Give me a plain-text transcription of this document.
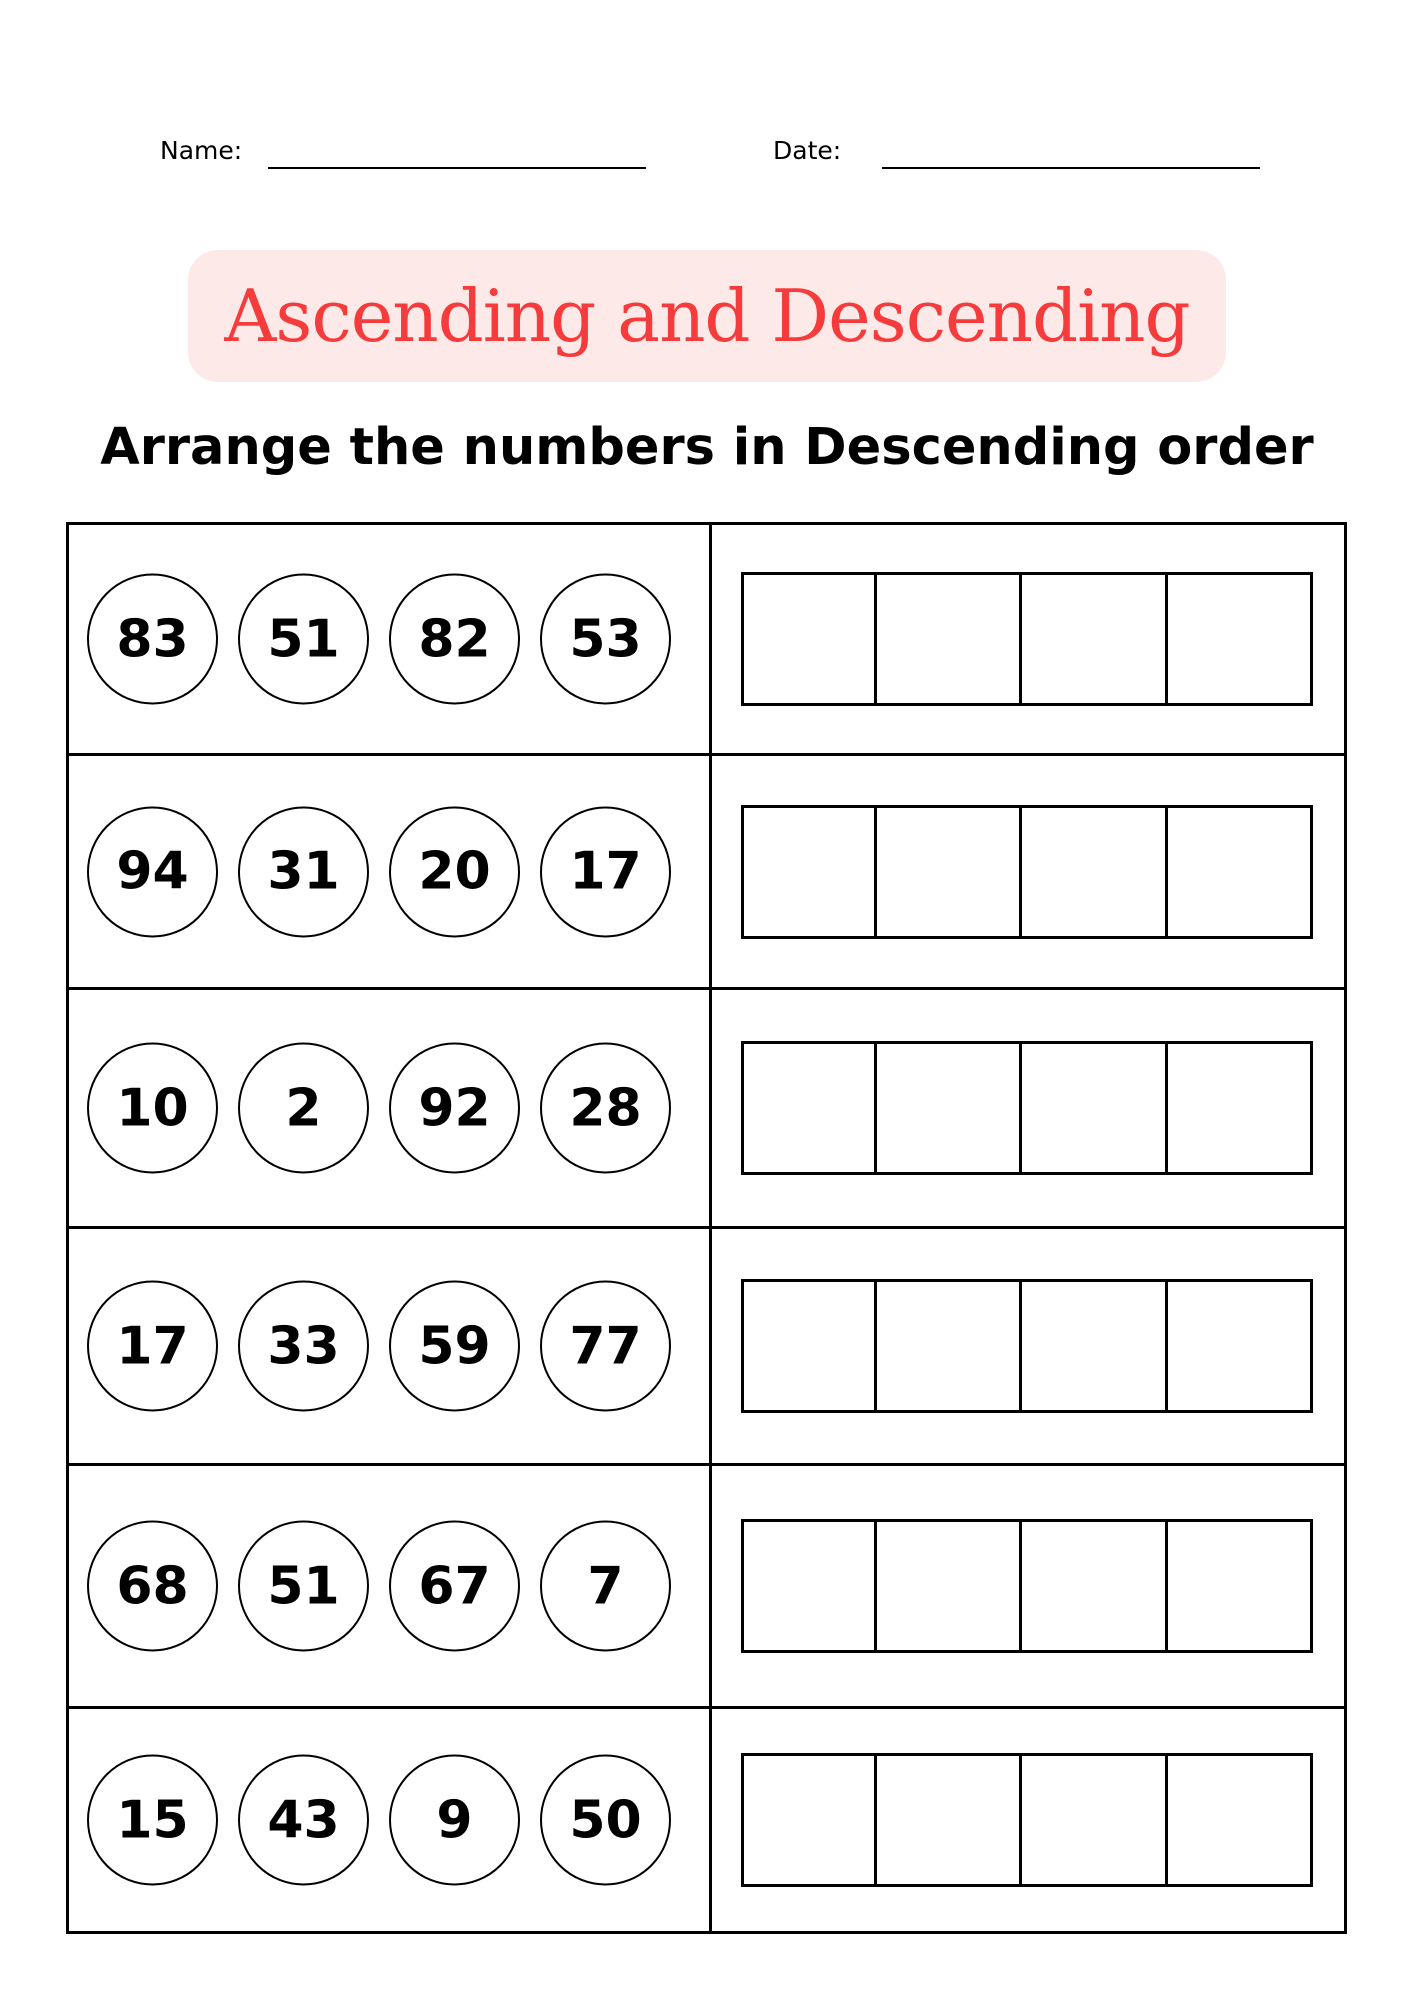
Name:	Date:
Ascending and Descending
Arrange the numbers in Descending order
83	51	82	53
94	31	20	17
10	2	92	28
17	33	59	77
68	51	67	7
15	43	9	50
